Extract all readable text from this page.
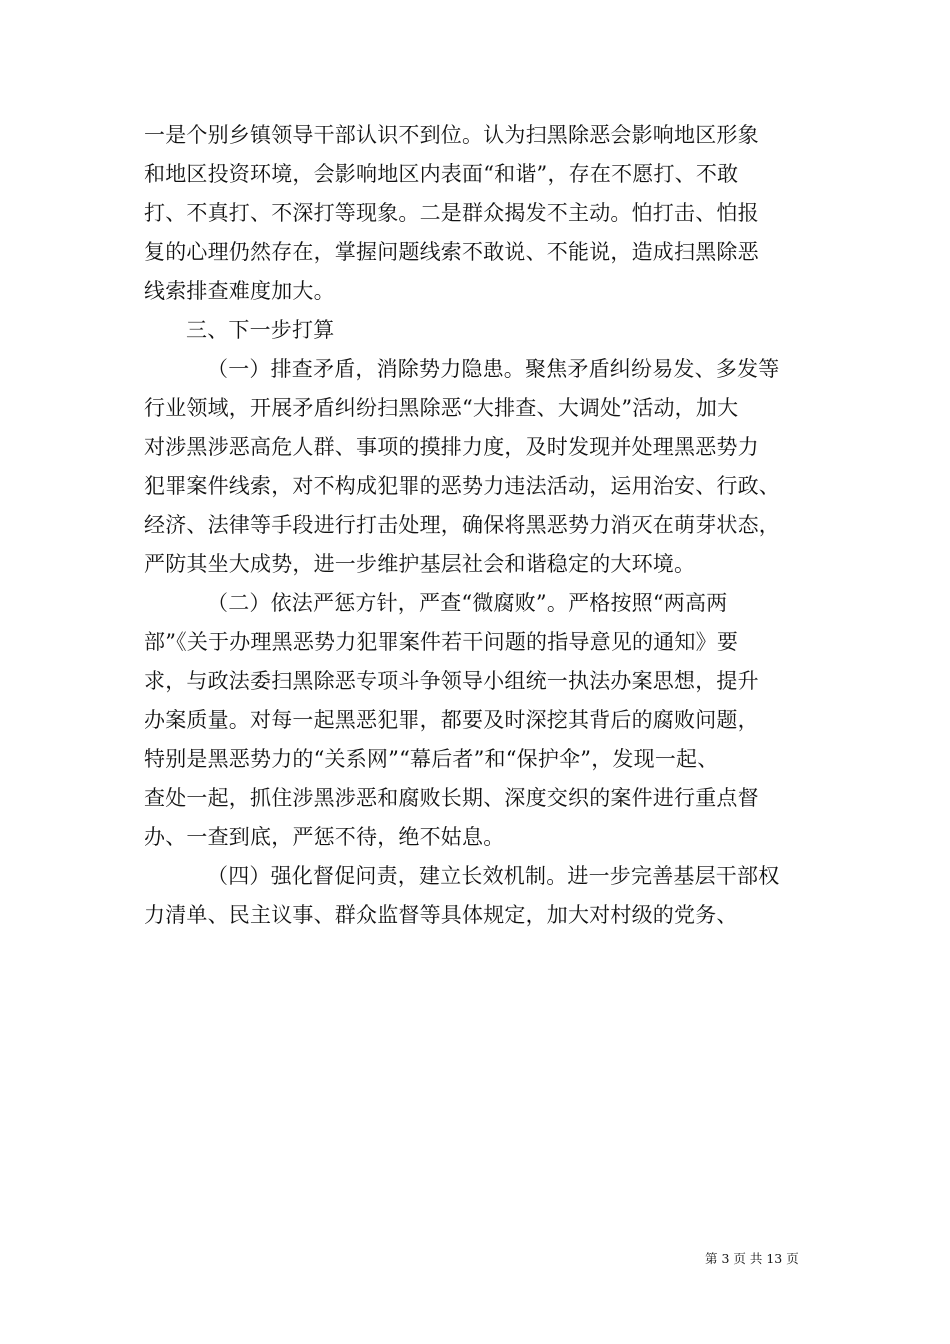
一是个别乡镇领导干部认识不到位。认为扫黑除恶会影响地区形象
和地区投资环境，会影响地区内表面“和谐”，存在不愿打、不敢
打、不真打、不深打等现象。二是群众揭发不主动。怕打击、怕报
复的心理仍然存在，掌握问题线索不敢说、不能说，造成扫黑除恶
线索排查难度加大。
三、下一步打算
（一）排查矛盾，消除势力隐患。聚焦矛盾纠纷易发、多发等
行业领域，开展矛盾纠纷扫黑除恶“大排查、大调处”活动，加大
对涉黑涉恶高危人群、事项的摸排力度，及时发现并处理黑恶势力
犯罪案件线索，对不构成犯罪的恶势力违法活动，运用治安、行政、
经济、法律等手段进行打击处理，确保将黑恶势力消灭在萌芽状态，
严防其坐大成势，进一步维护基层社会和谐稳定的大环境。
（二）依法严惩方针，严查“微腐败”。严格按照“两高两
部”《关于办理黑恶势力犯罪案件若干问题的指导意见的通知》要
求，与政法委扫黑除恶专项斗争领导小组统一执法办案思想，提升
办案质量。对每一起黑恶犯罪，都要及时深挖其背后的腐败问题，
特别是黑恶势力的“关系网”“幕后者”和“保护伞”，发现一起、
查处一起，抓住涉黑涉恶和腐败长期、深度交织的案件进行重点督
办、一查到底，严惩不待，绝不姑息。
（四）强化督促问责，建立长效机制。进一步完善基层干部权
力清单、民主议事、群众监督等具体规定，加大对村级的党务、
第 3 页 共 13 页
